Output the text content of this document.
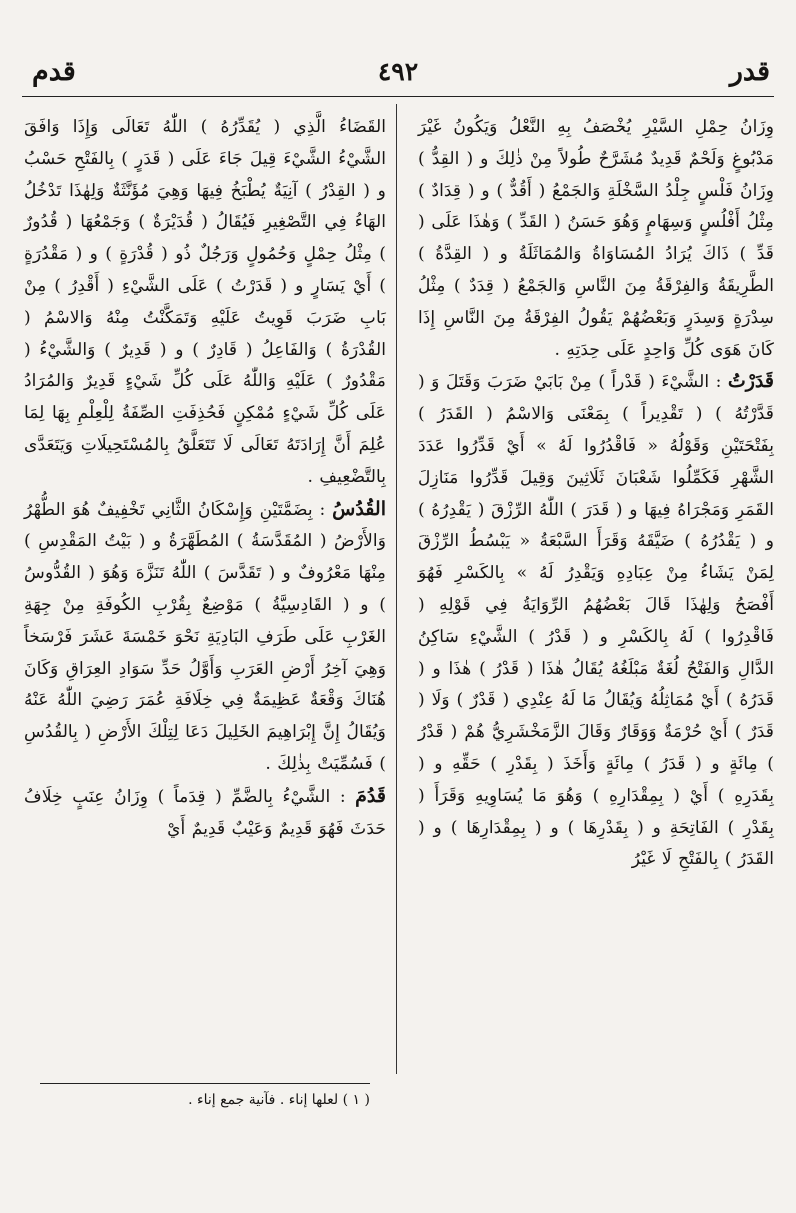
قدر
٤٩٢
قدم

وِزَانُ حِمْلِ السَّيْرِ يُخْصَفُ بِهِ النَّعْلُ وَيَكُونُ غَيْرَ مَدْبُوغٍ وَلَحْمٌ قَدِيدٌ مُشَرَّحٌ طُولاً مِنْ ذٰلِكَ و ( القِدُّ ) وِزَانُ فَلْسٍ جِلْدُ السَّخْلَةِ وَالجَمْعُ ( أَقُدٌّ ) و ( قِدَادٌ ) مِثْلُ أَفْلُسٍ وَسِهَامٍ وَهُوَ حَسَنُ ( القَدِّ ) وَهٰذَا عَلَى ( قَدِّ ) ذَاكَ يُرَادُ المُسَاوَاةُ وَالمُمَاثَلَةُ و ( القِدَّةُ ) الطَّرِيقَةُ وَالفِرْقَةُ مِنَ النَّاسِ وَالجَمْعُ ( قِدَدٌ ) مِثْلُ سِدْرَةٍ وَسِدَرٍ وَبَعْضُهُمْ يَقُولُ الفِرْقَةُ مِنَ النَّاسِ إِذَا كَانَ هَوَى كُلِّ وَاحِدٍ عَلَى حِدَتِهِ .

قَدَرْتُ : الشَّيْءَ ( قَدْراً ) مِنْ بَابَيْ ضَرَبَ وَقَتَلَ وَ ( قَدَّرْتُهُ ) ( تَقْدِيراً ) بِمَعْنَى وَالاسْمُ ( القَدَرُ ) بِفَتْحَتَيْنِ وَقَوْلُهُ « فَاقْدُرُوا لَهُ » أَيْ قَدِّرُوا عَدَدَ الشَّهْرِ فَكَمِّلُوا شَعْبَانَ ثَلَاثِينَ وَقِيلَ قَدِّرُوا مَنَازِلَ القَمَرِ وَمَجْرَاهُ فِيهَا و ( قَدَرَ ) اللّٰهُ الرِّزْقَ ( يَقْدِرُهُ ) و ( يَقْدُرُهُ ) ضَيَّقَهُ وَقَرَأَ السَّبْعَةُ « يَبْسُطُ الرِّزْقَ لِمَنْ يَشَاءُ مِنْ عِبَادِهِ وَيَقْدِرُ لَهُ » بِالكَسْرِ فَهُوَ أَفْصَحُ وَلِهٰذَا قَالَ بَعْضُهُمُ الرِّوَايَةُ فِي قَوْلِهِ ( فَاقْدِرُوا ) لَهُ بِالكَسْرِ و ( قَدْرُ ) الشَّيْءِ سَاكِنُ الدَّالِ وَالفَتْحُ لُغَةٌ مَبْلَغُهُ يُقَالُ هٰذَا ( قَدْرُ ) هٰذَا و ( قَدَرُهُ ) أَيْ مُمَاثِلُهُ وَيُقَالُ مَا لَهُ عِنْدِي ( قَدْرٌ ) وَلَا ( قَدَرٌ ) أَيْ حُرْمَةٌ وَوَقَارٌ وَقَالَ الزَّمَخْشَرِيُّ هُمْ ( قَدْرُ ) مِائَةٍ و ( قَدَرُ ) مِائَةٍ وَأَخَذَ ( بِقَدْرِ ) حَقِّهِ و ( بِقَدَرِهِ ) أَيْ ( بِمِقْدَارِهِ ) وَهُوَ مَا يُسَاوِيهِ وَقَرَأَ ( بِقَدْرِ ) الفَاتِحَةِ و ( بِقَدْرِهَا ) و ( بِمِقْدَارِهَا ) و ( القَدَرُ ) بِالفَتْحِ لَا غَيْرُ

القَضَاءُ الَّذِي ( يُقَدِّرُهُ ) اللّٰهُ تَعَالَى وَإِذَا وَافَقَ الشَّيْءُ الشَّيْءَ قِيلَ جَاءَ عَلَى ( قَدَرٍ ) بِالفَتْحِ حَسْبُ و ( القِدْرُ ) آنِيَةٌ يُطْبَخُ فِيهَا وَهِيَ مُؤَنَّثَةٌ وَلِهٰذَا تَدْخُلُ الهَاءُ فِي التَّصْغِيرِ فَيُقَالُ ( قُدَيْرَةٌ ) وَجَمْعُهَا ( قُدُورٌ ) مِثْلُ حِمْلٍ وَحُمُولٍ وَرَجُلٌ ذُو ( قُدْرَةٍ ) و ( مَقْدُرَةٍ ) أَيْ يَسَارٍ و ( قَدَرْتُ ) عَلَى الشَّيْءِ ( أَقْدِرُ ) مِنْ بَابِ ضَرَبَ قَوِيتُ عَلَيْهِ وَتَمَكَّنْتُ مِنْهُ وَالاسْمُ ( القُدْرَةُ ) وَالفَاعِلُ ( قَادِرٌ ) و ( قَدِيرٌ ) وَالشَّيْءُ ( مَقْدُورٌ ) عَلَيْهِ وَاللّٰهُ عَلَى كُلِّ شَيْءٍ قَدِيرٌ وَالمُرَادُ عَلَى كُلِّ شَيْءٍ مُمْكِنٍ فَحُذِفَتِ الصِّفَةُ لِلْعِلْمِ بِهَا لِمَا عُلِمَ أَنَّ إِرَادَتَهُ تَعَالَى لَا تَتَعَلَّقُ بِالمُسْتَحِيلَاتِ وَيَتَعَدَّى بِالتَّضْعِيفِ .

القُدُسُ : بِضَمَّتَيْنِ وَإِسْكَانُ الثَّانِي تَخْفِيفٌ هُوَ الطُّهْرُ وَالأَرْضُ ( المُقَدَّسَةُ ) المُطَهَّرَةُ و ( بَيْتُ المَقْدِسِ ) مِنْهَا مَعْرُوفٌ و ( تَقَدَّسَ ) اللّٰهُ تَنَزَّهَ وَهُوَ ( القُدُّوسُ ) و ( القَادِسِيَّةُ ) مَوْضِعٌ بِقُرْبِ الكُوفَةِ مِنْ جِهَةِ الغَرْبِ عَلَى طَرَفِ البَادِيَةِ نَحْوَ خَمْسَةَ عَشَرَ فَرْسَخاً وَهِيَ آخِرُ أَرْضِ العَرَبِ وَأَوَّلُ حَدِّ سَوَادِ العِرَاقِ وَكَانَ هُنَاكَ وَقْعَةٌ عَظِيمَةٌ فِي خِلَافَةِ عُمَرَ رَضِيَ اللّٰهُ عَنْهُ وَيُقَالُ إِنَّ إِبْرَاهِيمَ الخَلِيلَ دَعَا لِتِلْكَ الأَرْضِ ( بِالقُدُسِ ) فَسُمِّيَتْ بِذٰلِكَ .

قَدُمَ : الشَّيْءُ بِالضَّمِّ ( قِدَماً ) وِزَانُ عِنَبٍ خِلَافُ حَدَثَ فَهُوَ قَدِيمٌ وَعَيْبٌ قَدِيمٌ أَيْ

( ١ ) لعلها إناء . فآنية جمع إناء .
